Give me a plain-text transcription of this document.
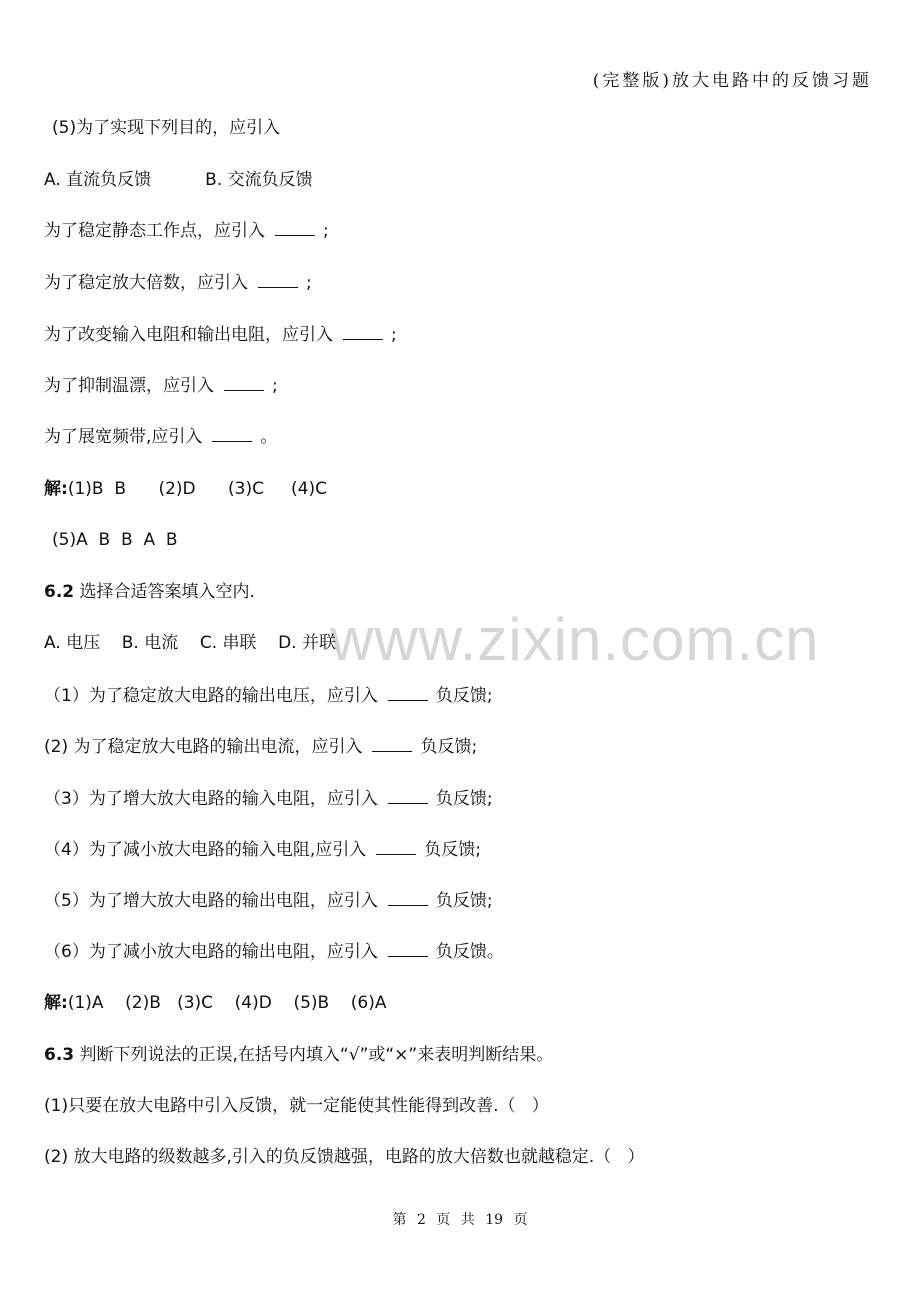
(完整版)放大电路中的反馈习题
www.zixin.com.cn
(5)为了实现下列目的，应引入
A. 直流负反馈          B. 交流负反馈
为了稳定静态工作点，应引入	;
为了稳定放大倍数，应引入	;
为了改变输入电阻和输出电阻，应引入	;
为了抑制温漂，应引入	;
为了展宽频带,应引入	。
解:(1)B  B      (2)D      (3)C     (4)C
(5)A  B  B  A  B
6.2 选择合适答案填入空内.
A. 电压    B. 电流    C. 串联    D. 并联
（1）为了稳定放大电路的输出电压，应引入	负反馈;
(2) 为了稳定放大电路的输出电流，应引入	负反馈;
（3）为了增大放大电路的输入电阻，应引入	负反馈;
（4）为了减小放大电路的输入电阻,应引入	负反馈;
（5）为了增大放大电路的输出电阻，应引入	负反馈;
（6）为了减小放大电路的输出电阻，应引入	负反馈。
解:(1)A    (2)B   (3)C    (4)D    (5)B    (6)A
6.3 判断下列说法的正误,在括号内填入“√”或“×”来表明判断结果。
(1)只要在放大电路中引入反馈，就一定能使其性能得到改善.（   ）
(2) 放大电路的级数越多,引入的负反馈越强，电路的放大倍数也就越稳定.（   ）
第 2 页 共 19 页
